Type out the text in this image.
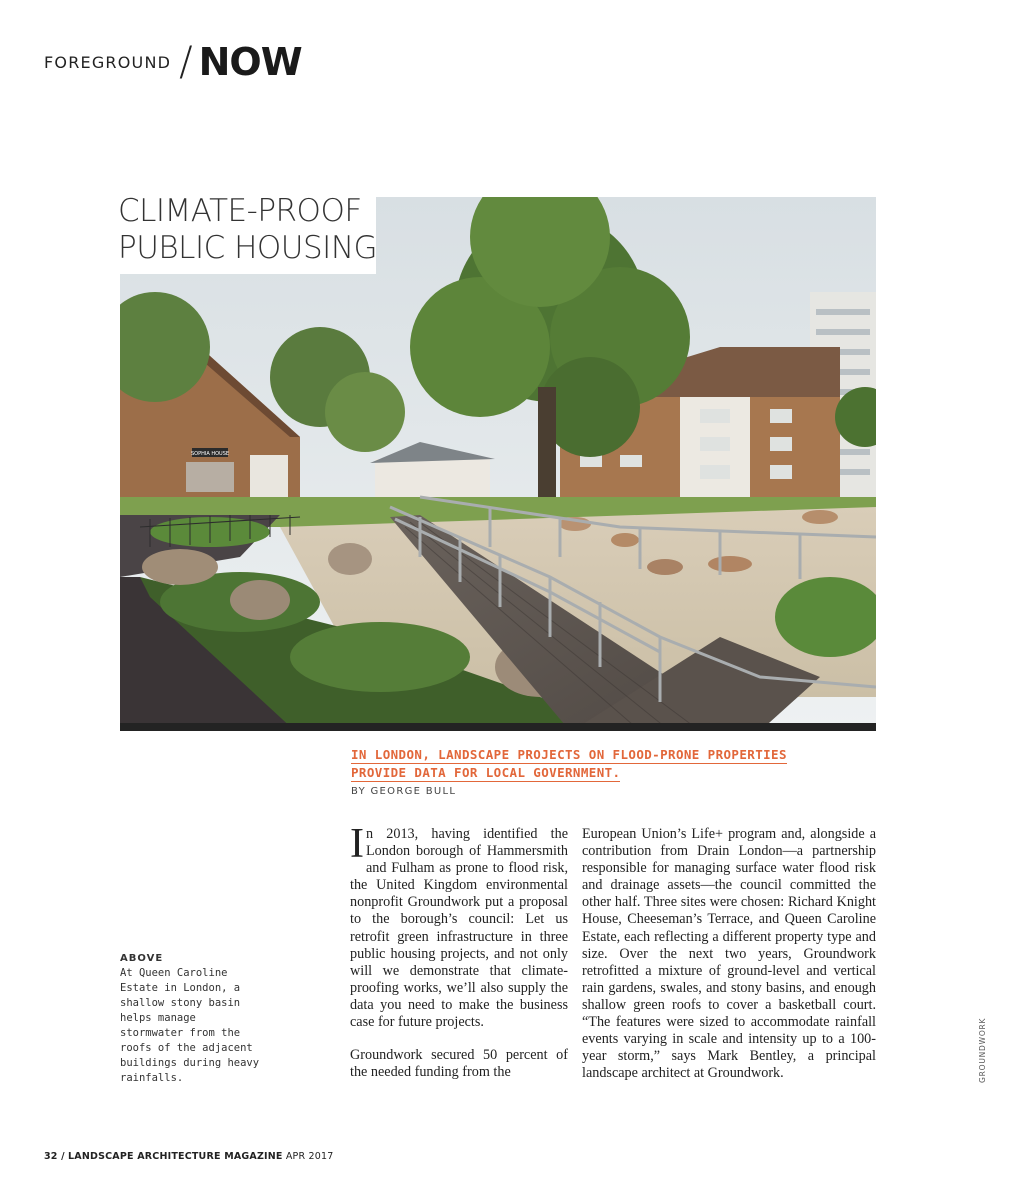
FOREGROUND / NOW
SOPHIA HOUSE
CLIMATE-PROOF
PUBLIC HOUSING
IN LONDON, LANDSCAPE PROJECTS ON FLOOD-PRONE PROPERTIES
PROVIDE DATA FOR LOCAL GOVERNMENT.
BY GEORGE BULL

In 2013, having identified the London borough of Hammersmith and Fulham as prone to flood risk, the United Kingdom environmental nonprofit Groundwork put a proposal to the borough’s council: Let us retrofit green infrastructure in three public housing projects, and not only will we demonstrate that climate-proofing works, we’ll also supply the data you need to make the business case for future projects.

Groundwork secured 50 percent of the needed funding from the

European Union’s Life+ program and, alongside a contribution from Drain London—a partnership responsible for managing surface water flood risk and drainage assets—the council committed the other half. Three sites were chosen: Richard Knight House, Cheeseman’s Terrace, and Queen Caroline Estate, each reflecting a different property type and size. Over the next two years, Groundwork retrofitted a mixture of ground-level and vertical rain gardens, swales, and stony basins, and enough shallow green roofs to cover a basketball court. “The features were sized to accommodate rainfall events varying in scale and intensity up to a 100-year storm,” says Mark Bentley, a principal landscape architect at Groundwork.

ABOVE
At Queen Caroline Estate in London, a shallow stony basin helps manage stormwater from the roofs of the adjacent buildings during heavy rainfalls.	GROUNDWORK
32 / LANDSCAPE ARCHITECTURE MAGAZINE APR 2017
